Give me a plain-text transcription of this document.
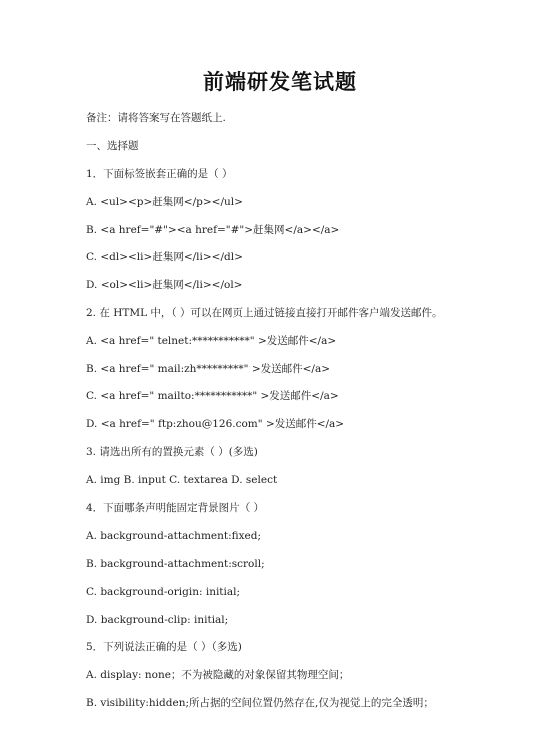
前端研发笔试题
备注：请将答案写在答题纸上.
一、选择题
1．下面标签嵌套正确的是（ ）
A. <ul><p>赶集网</p></ul>
B. <a href="#"><a href="#">赶集网</a></a>
C. <dl><li>赶集网</li></dl>
D. <ol><li>赶集网</li></ol>
2. 在 HTML 中，（ ）可以在网页上通过链接直接打开邮件客户端发送邮件。
A. <a href=" telnet:***********" >发送邮件</a>
B. <a href=" mail:zh*********" >发送邮件</a>
C. <a href=" mailto:***********" >发送邮件</a>
D. <a href=" ftp:zhou@126.com" >发送邮件</a>
3. 请选出所有的置换元素（ ）(多选)
A. img B. input C. textarea D. select
4．下面哪条声明能固定背景图片（ ）
A. background-attachment:fixed;
B. background-attachment:scroll;
C. background-origin: initial;
D. background-clip: initial;
5．下列说法正确的是（ ）（多选)
A. display: none；不为被隐藏的对象保留其物理空间；
B. visibility:hidden;所占据的空间位置仍然存在,仅为视觉上的完全透明；
